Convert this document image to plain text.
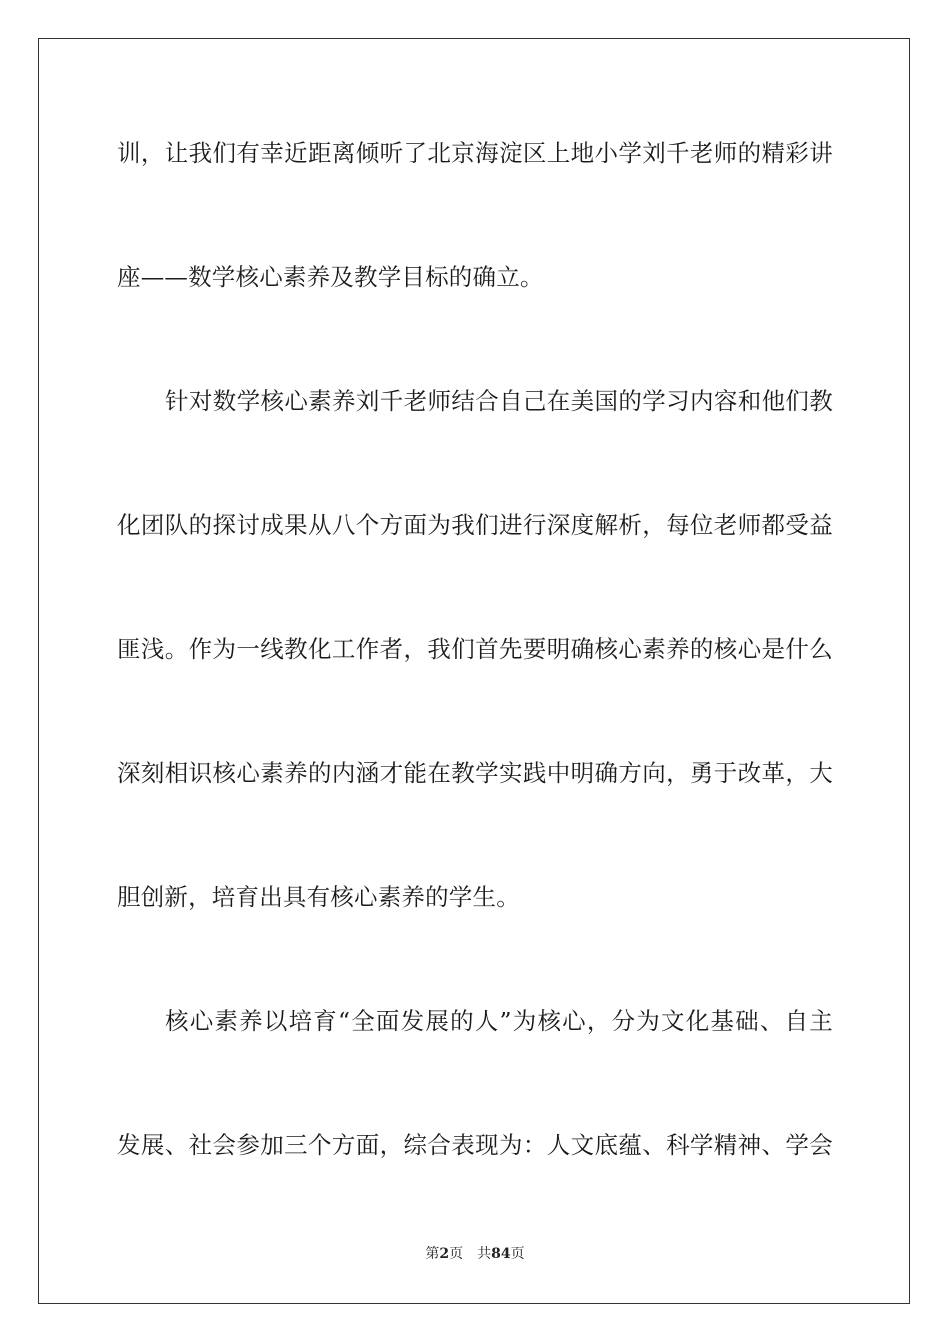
训，让我们有幸近距离倾听了北京海淀区上地小学刘千老师的精彩讲
座——数学核心素养及教学目标的确立。
针对数学核心素养刘千老师结合自己在美国的学习内容和他们教
化团队的探讨成果从八个方面为我们进行深度解析，每位老师都受益
匪浅。作为一线教化工作者，我们首先要明确核心素养的核心是什么
深刻相识核心素养的内涵才能在教学实践中明确方向，勇于改革，大
胆创新，培育出具有核心素养的学生。
核心素养以培育“全面发展的人”为核心，分为文化基础、自主
发展、社会参加三个方面，综合表现为：人文底蕴、科学精神、学会
第2页 共84页
